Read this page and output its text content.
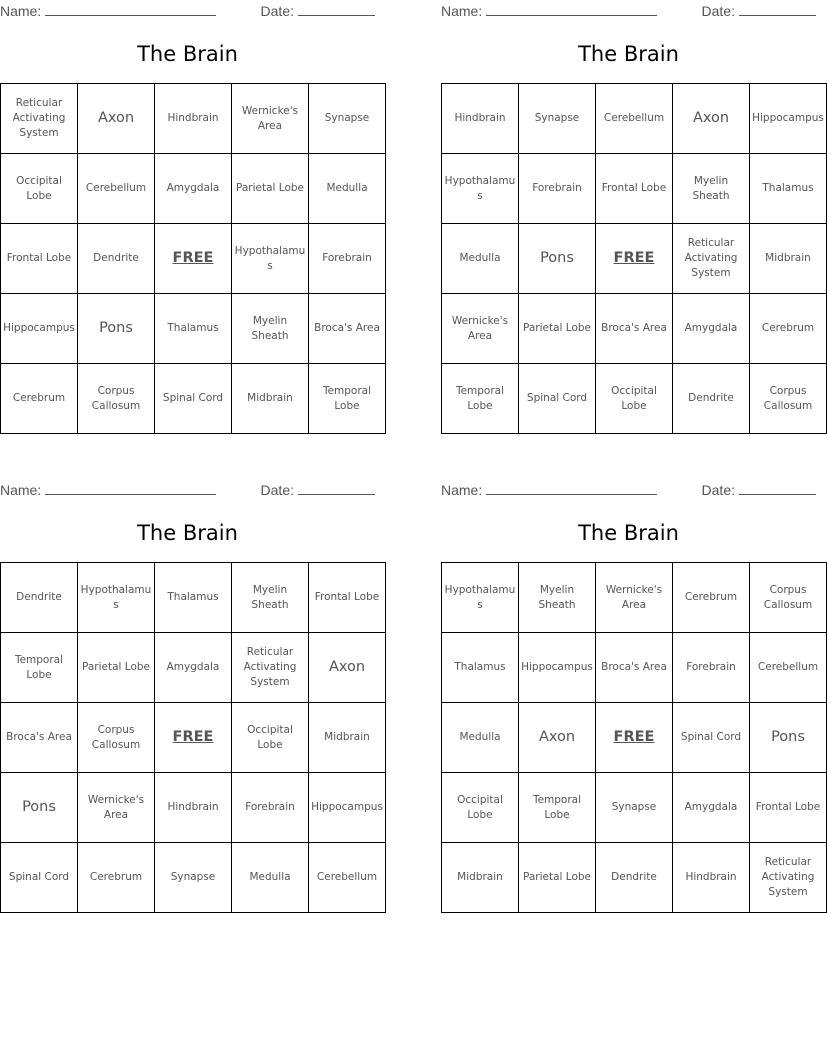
Name:	Date:
The Brain
Reticular Activating System	Axon	Hindbrain	Wernicke's Area	Synapse
Occipital Lobe	Cerebellum	Amygdala	Parietal Lobe	Medulla
Frontal Lobe	Dendrite	FREE	Hypothalamus	Forebrain
Hippocampus	Pons	Thalamus	Myelin Sheath	Broca's Area
Cerebrum	Corpus Callosum	Spinal Cord	Midbrain	Temporal Lobe
Name:	Date:
The Brain
Hindbrain	Synapse	Cerebellum	Axon	Hippocampus
Hypothalamus	Forebrain	Frontal Lobe	Myelin Sheath	Thalamus
Medulla	Pons	FREE	Reticular Activating System	Midbrain
Wernicke's Area	Parietal Lobe	Broca's Area	Amygdala	Cerebrum
Temporal Lobe	Spinal Cord	Occipital Lobe	Dendrite	Corpus Callosum
Name:	Date:
The Brain
Dendrite	Hypothalamus	Thalamus	Myelin Sheath	Frontal Lobe
Temporal Lobe	Parietal Lobe	Amygdala	Reticular Activating System	Axon
Broca's Area	Corpus Callosum	FREE	Occipital Lobe	Midbrain
Pons	Wernicke's Area	Hindbrain	Forebrain	Hippocampus
Spinal Cord	Cerebrum	Synapse	Medulla	Cerebellum
Name:	Date:
The Brain
Hypothalamus	Myelin Sheath	Wernicke's Area	Cerebrum	Corpus Callosum
Thalamus	Hippocampus	Broca's Area	Forebrain	Cerebellum
Medulla	Axon	FREE	Spinal Cord	Pons
Occipital Lobe	Temporal Lobe	Synapse	Amygdala	Frontal Lobe
Midbrain	Parietal Lobe	Dendrite	Hindbrain	Reticular Activating System
